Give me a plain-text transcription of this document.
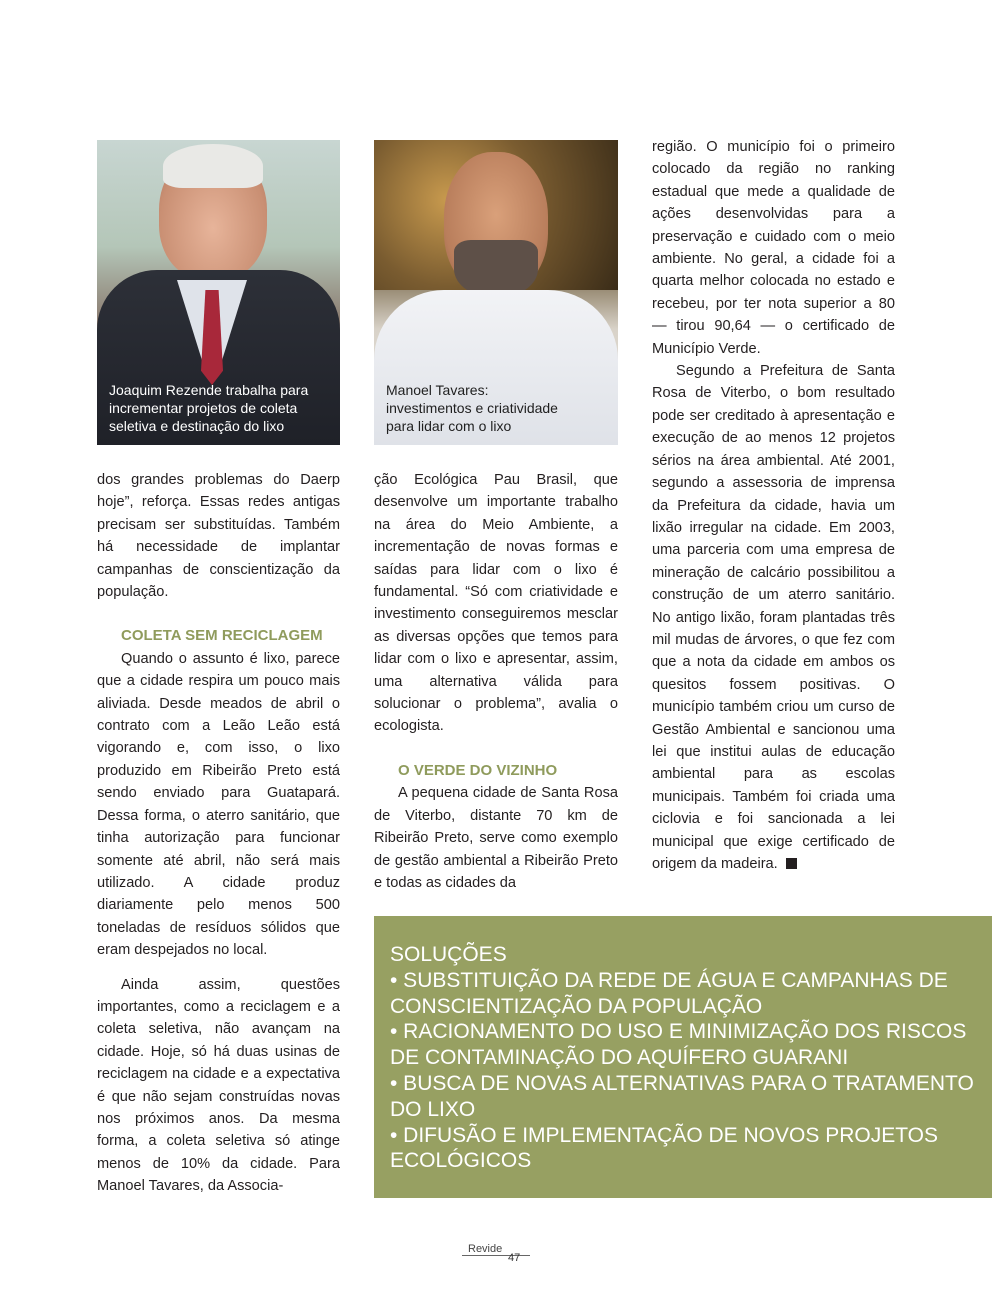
Joaquim Rezende trabalha para
incrementar projetos de coleta
seletiva e destinação do lixo
Manoel Tavares:
investimentos e criatividade
para lidar com o lixo

dos grandes problemas do Daerp hoje”, reforça. Essas redes antigas precisam ser substituídas. Também há necessidade de implantar campanhas de conscientização da população.

COLETA SEM RECICLAGEM

Quando o assunto é lixo, parece que a cidade respira um pouco mais aliviada. Desde meados de abril o contrato com a Leão Leão está vigorando e, com isso, o lixo produzido em Ribeirão Preto está sendo enviado para Guatapará. Dessa forma, o aterro sanitário, que tinha autorização para funcionar somente até abril, não será mais utilizado. A cidade produz diariamente pelo menos 500 toneladas de resíduos sólidos que eram despejados no local.

Ainda assim, questões importantes, como a reciclagem e a coleta seletiva, não avançam na cidade. Hoje, só há duas usinas de reciclagem na cidade e a expectativa é que não sejam construídas novas nos próximos anos. Da mesma forma, a coleta seletiva só atinge menos de 10% da cidade. Para Manoel Tavares, da Associa-

ção Ecológica Pau Brasil, que desenvolve um importante trabalho na área do Meio Ambiente, a incrementação de novas formas e saídas para lidar com o lixo é fundamental. “Só com criatividade e investimento conseguiremos mesclar as diversas opções que temos para lidar com o lixo e apresentar, assim, uma alternativa válida para solucionar o problema”, avalia o ecologista.

O VERDE DO VIZINHO

A pequena cidade de Santa Rosa de Viterbo, distante 70 km de Ribeirão Preto, serve como exemplo de gestão ambiental a Ribeirão Preto e todas as cidades da

região. O município foi o primeiro colocado da região no ranking estadual que mede a qualidade de ações desenvolvidas para a preservação e cuidado com o meio ambiente. No geral, a cidade foi a quarta melhor colocada no estado e recebeu, por ter nota superior a 80 — tirou 90,64 — o certificado de Município Verde.

Segundo a Prefeitura de Santa Rosa de Viterbo, o bom resultado pode ser creditado à apresentação e execução de ao menos 12 projetos sérios na área ambiental. Até 2001, segundo a assessoria de imprensa da Prefeitura da cidade, havia um lixão irregular na cidade. Em 2003, uma parceria com uma empresa de mineração de calcário possibilitou a construção de um aterro sanitário. No antigo lixão, foram plantadas três mil mudas de árvores, o que fez com que a nota da cidade em ambos os quesitos fossem positivas. O município também criou um curso de Gestão Ambiental e sancionou uma lei que institui aulas de educação ambiental para as escolas municipais. Também foi criada uma ciclovia e foi sancionada a lei municipal que exige certificado de origem da madeira.

SOLUÇÕES
• SUBSTITUIÇÃO DA REDE DE ÁGUA E CAMPANHAS DE CONSCIENTIZAÇÃO DA POPULAÇÃO
• RACIONAMENTO DO USO E MINIMIZAÇÃO DOS RISCOS DE CONTAMINAÇÃO DO AQUÍFERO GUARANI
• BUSCA DE NOVAS ALTERNATIVAS PARA O TRATAMENTO DO LIXO
• DIFUSÃO E IMPLEMENTAÇÃO DE NOVOS PROJETOS ECOLÓGICOS
Revide
47
